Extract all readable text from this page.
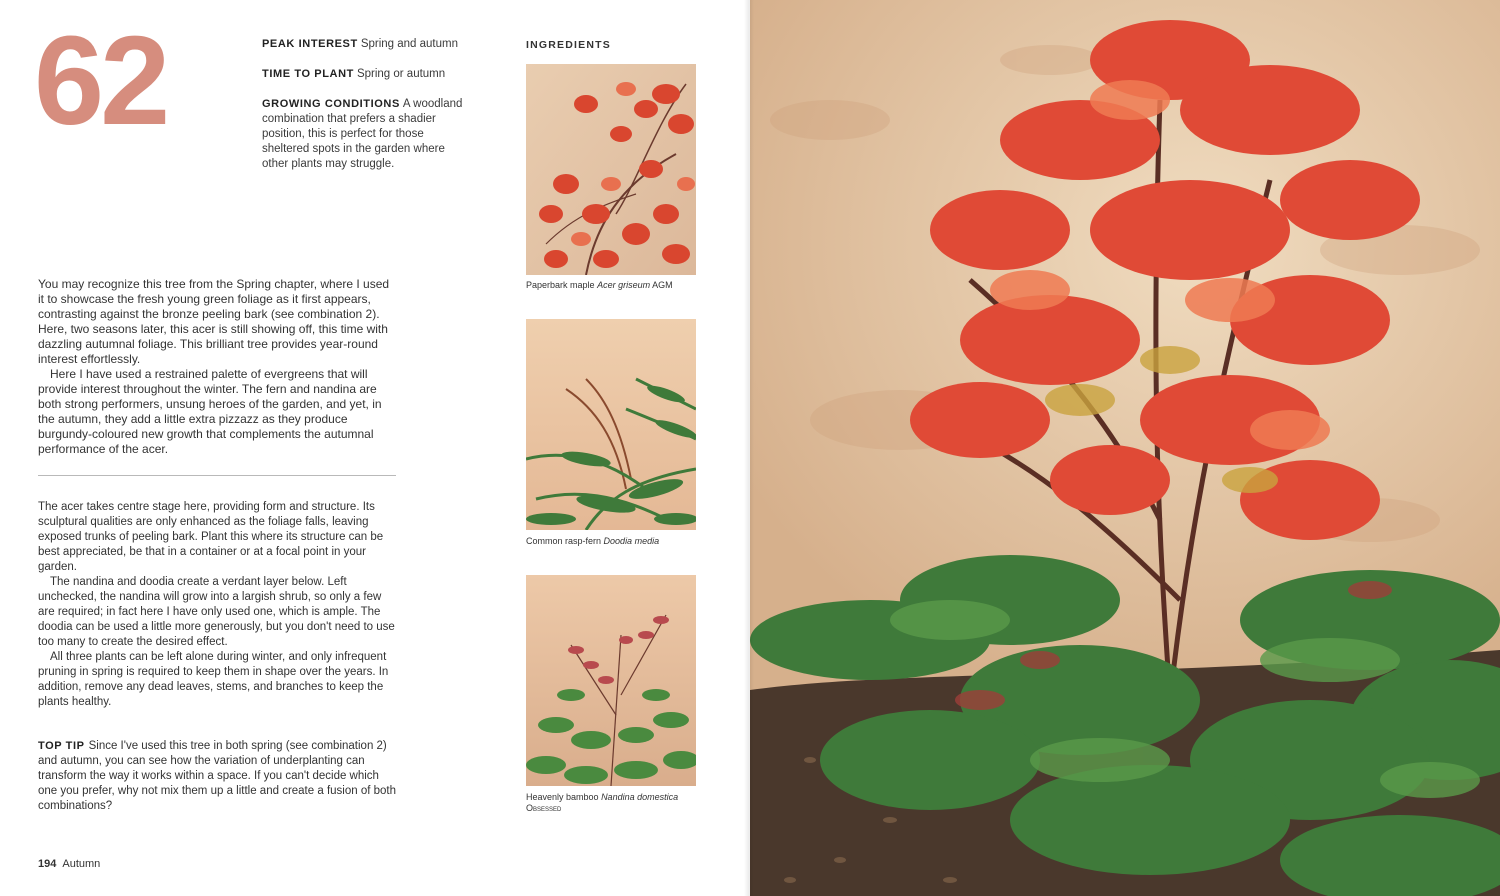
62	PEAK INTEREST Spring and autumn
TIME TO PLANT Spring or autumn
GROWING CONDITIONS A woodland combination that prefers a shadier position, this is perfect for those sheltered spots in the garden where other plants may struggle.
INGREDIENTS
Paperbark maple Acer griseum AGM
Common rasp-fern Doodia media
Heavenly bamboo Nandina domestica Obsessed

You may recognize this tree from the Spring chapter, where I used it to showcase the fresh young green foliage as it first appears, contrasting against the bronze peeling bark (see combination 2). Here, two seasons later, this acer is still showing off, this time with dazzling autumnal foliage. This brilliant tree provides year-round interest effortlessly.

Here I have used a restrained palette of evergreens that will provide interest throughout the winter. The fern and nandina are both strong performers, unsung heroes of the garden, and yet, in the autumn, they add a little extra pizzazz as they produce burgundy-coloured new growth that complements the autumnal performance of the acer.

The acer takes centre stage here, providing form and structure. Its sculptural qualities are only enhanced as the foliage falls, leaving exposed trunks of peeling bark. Plant this where its structure can be best appreciated, be that in a container or at a focal point in your garden.

The nandina and doodia create a verdant layer below. Left unchecked, the nandina will grow into a largish shrub, so only a few are required; in fact here I have only used one, which is ample. The doodia can be used a little more generously, but you don't need to use too many to create the desired effect.

All three plants can be left alone during winter, and only infrequent pruning in spring is required to keep them in shape over the years. In addition, remove any dead leaves, stems, and branches to keep the plants healthy.

TOP TIP Since I've used this tree in both spring (see combination 2) and autumn, you can see how the variation of underplanting can transform the way it works within a space. If you can't decide which one you prefer, why not mix them up a little and create a fusion of both combinations?

194 Autumn
